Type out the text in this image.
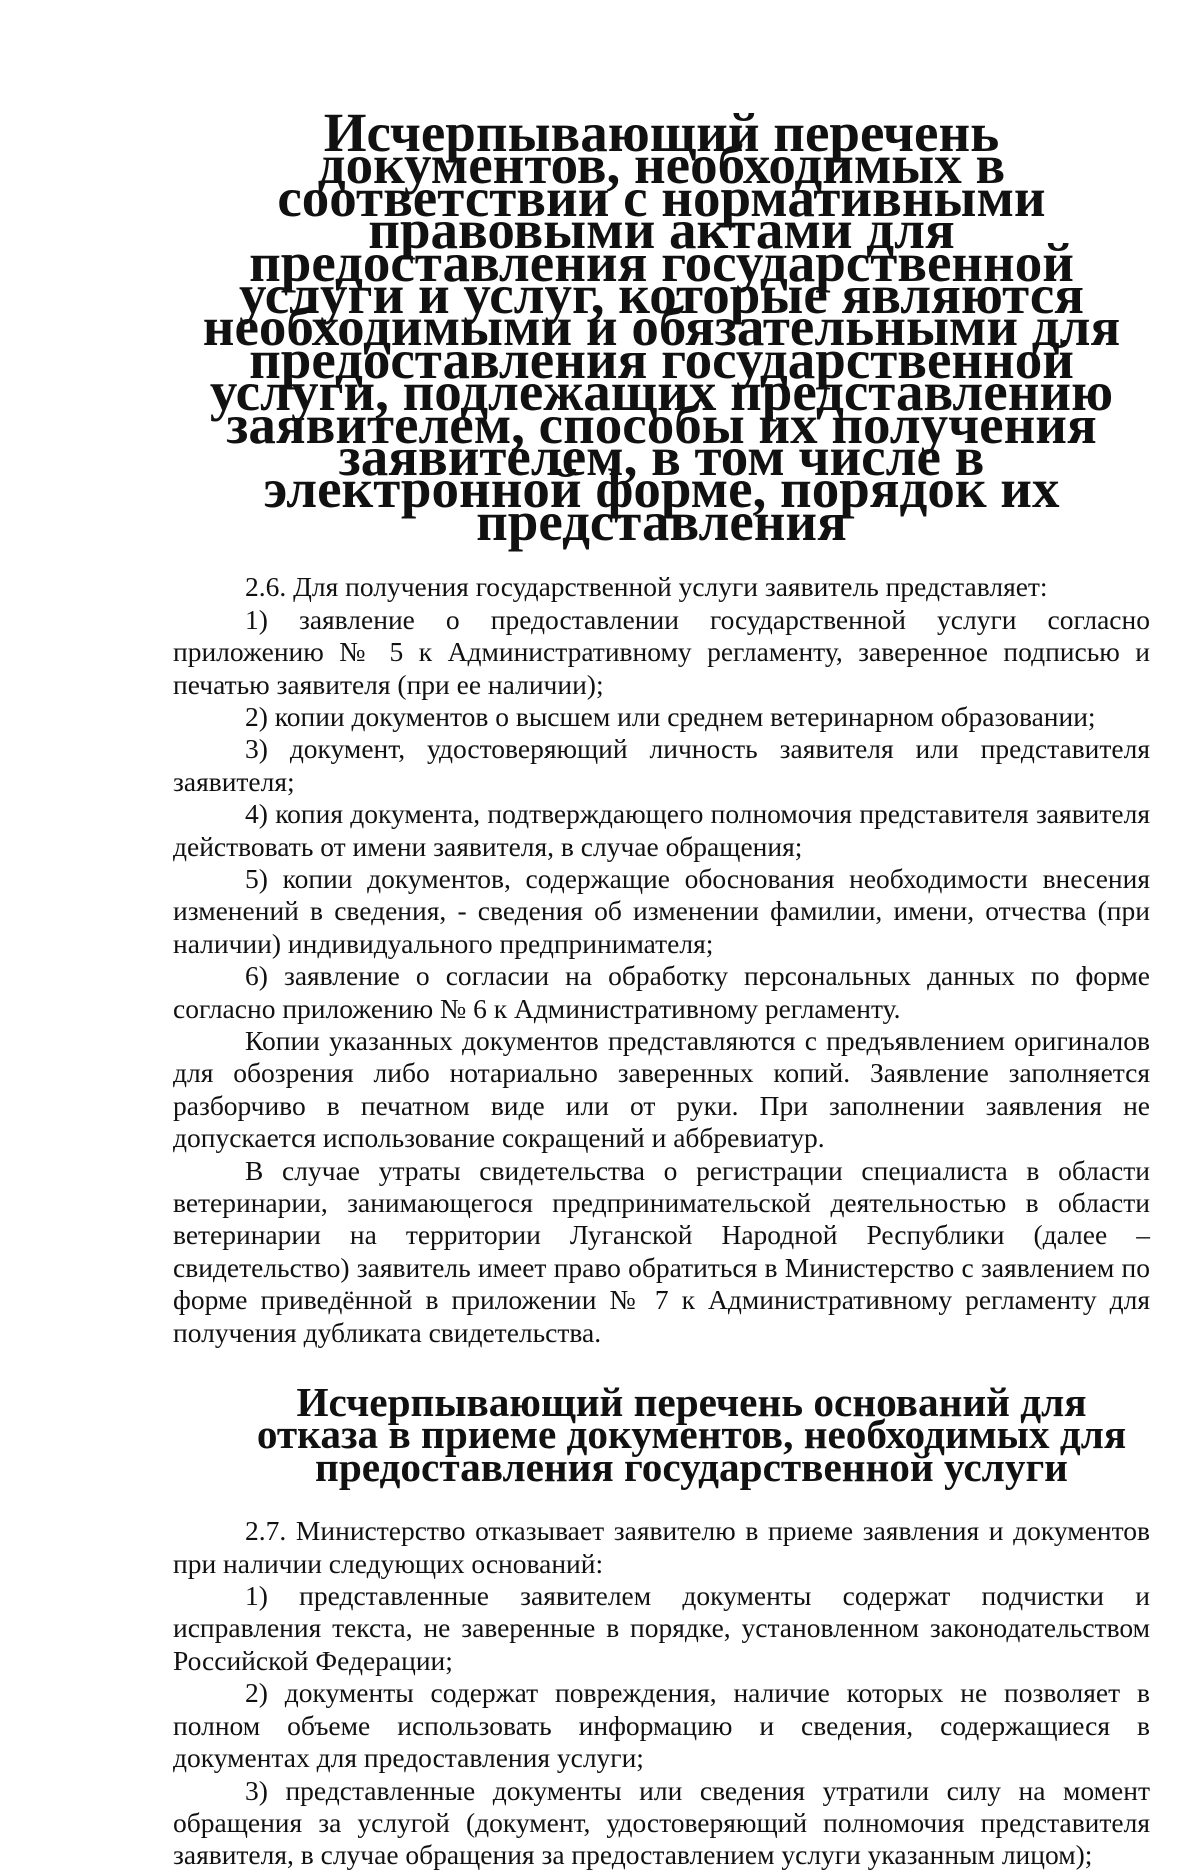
Исчерпывающий перечень документов, необходимых в соответствии с нормативными правовыми актами для предоставления государственной услуги и услуг, которые являются необходимыми и обязательными для предоставления государственной услуги, подлежащих представлению заявителем, способы их получения заявителем, в том числе в электронной форме, порядок их представления

2.6. Для получения государственной услуги заявитель представляет:

1) заявление о предоставлении государственной услуги согласно приложению № 5 к Административному регламенту, заверенное подписью и печатью заявителя (при ее наличии);

2) копии документов о высшем или среднем ветеринарном образовании;

3) документ, удостоверяющий личность заявителя или представителя заявителя;

4) копия документа, подтверждающего полномочия представителя заявителя действовать от имени заявителя, в случае обращения;

5) копии документов, содержащие обоснования необходимости внесения изменений в сведения, - сведения об изменении фамилии, имени, отчества (при наличии) индивидуального предпринимателя;

6) заявление о согласии на обработку персональных данных по форме согласно приложению № 6 к Административному регламенту.

Копии указанных документов представляются с предъявлением оригиналов для обозрения либо нотариально заверенных копий. Заявление заполняется разборчиво в печатном виде или от руки. При заполнении заявления не допускается использование сокращений и аббревиатур.

В случае утраты свидетельства о регистрации специалиста в области ветеринарии, занимающегося предпринимательской деятельностью в области ветеринарии на территории Луганской Народной Республики (далее – свидетельство) заявитель имеет право обратиться в Министерство с заявлением по форме приведённой в приложении № 7 к Административному регламенту для получения дубликата свидетельства.

Исчерпывающий перечень оснований для отказа в приеме документов, необходимых для предоставления государственной услуги

2.7. Министерство отказывает заявителю в приеме заявления и документов при наличии следующих оснований:

1) представленные заявителем документы содержат подчистки и исправления текста, не заверенные в порядке, установленном законодательством Российской Федерации;

2) документы содержат повреждения, наличие которых не позволяет в полном объеме использовать информацию и сведения, содержащиеся в документах для предоставления услуги;

3) представленные документы или сведения утратили силу на момент обращения за услугой (документ, удостоверяющий полномочия представителя заявителя, в случае обращения за предоставлением услуги указанным лицом);
